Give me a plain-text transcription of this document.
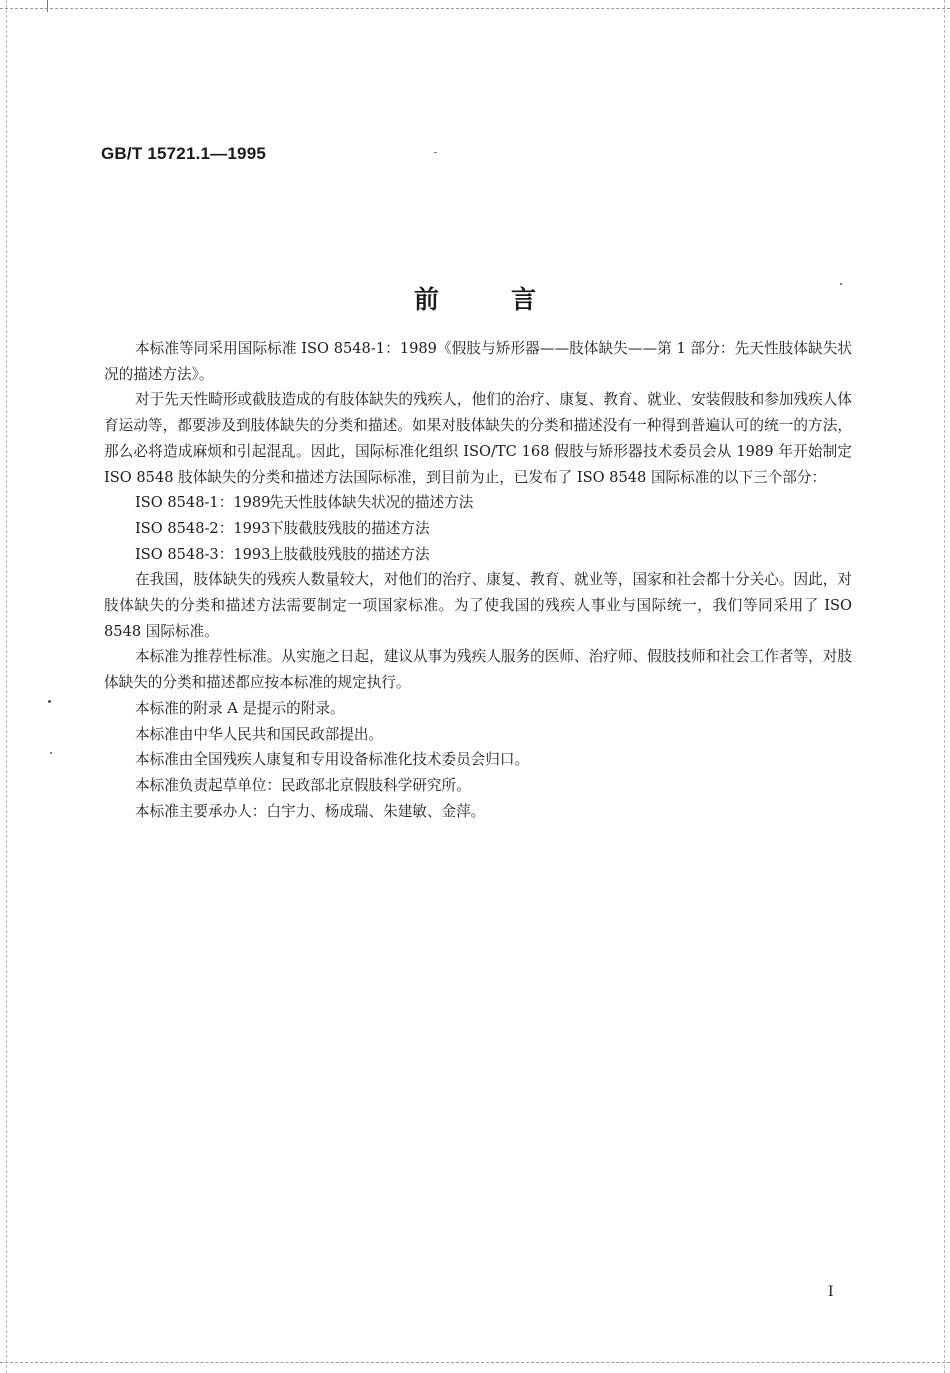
GB/T 15721.1—1995
前言

本标准等同采用国际标准 ISO 8548-1：1989《假肢与矫形器——肢体缺失——第 1 部分：先天性肢体缺失状况的描述方法》。

对于先天性畸形或截肢造成的有肢体缺失的残疾人，他们的治疗、康复、教育、就业、安装假肢和参加残疾人体育运动等，都要涉及到肢体缺失的分类和描述。如果对肢体缺失的分类和描述没有一种得到普遍认可的统一的方法，那么必将造成麻烦和引起混乱。因此，国际标准化组织 ISO/TC 168 假肢与矫形器技术委员会从 1989 年开始制定 ISO 8548 肢体缺失的分类和描述方法国际标准，到目前为止，已发布了 ISO 8548 国际标准的以下三个部分：

ISO 8548-1：1989先天性肢体缺失状况的描述方法

ISO 8548-2：1993下肢截肢残肢的描述方法

ISO 8548-3：1993上肢截肢残肢的描述方法

在我国，肢体缺失的残疾人数量较大，对他们的治疗、康复、教育、就业等，国家和社会都十分关心。因此，对肢体缺失的分类和描述方法需要制定一项国家标准。为了使我国的残疾人事业与国际统一，我们等同采用了 ISO 8548 国际标准。

本标准为推荐性标准。从实施之日起，建议从事为残疾人服务的医师、治疗师、假肢技师和社会工作者等，对肢体缺失的分类和描述都应按本标准的规定执行。

本标准的附录 A 是提示的附录。

本标准由中华人民共和国民政部提出。

本标准由全国残疾人康复和专用设备标准化技术委员会归口。

本标准负责起草单位：民政部北京假肢科学研究所。

本标准主要承办人：白宇力、杨成瑞、朱建敏、金萍。

I
